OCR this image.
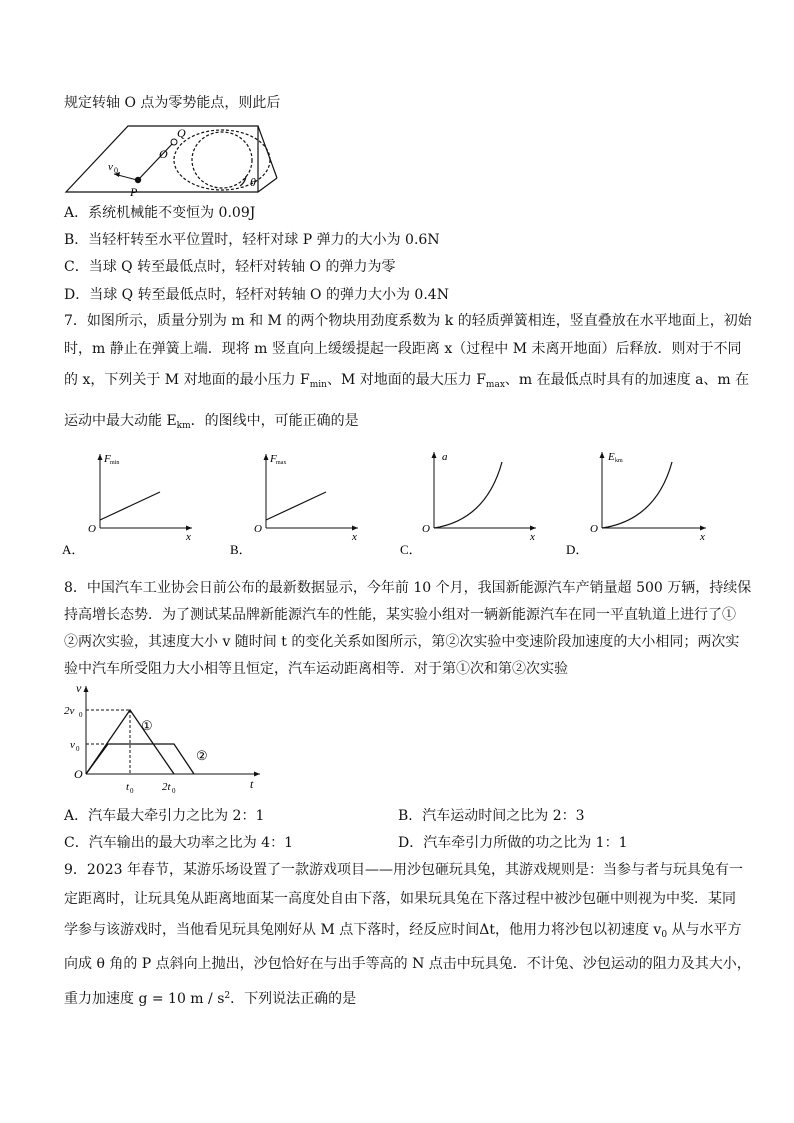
规定转轴 O 点为零势能点，则此后
Q
O
P
v 0
θ
A．系统机械能不变恒为 0.09J
B．当轻杆转至水平位置时，轻杆对球 P 弹力的大小为 0.6N
C．当球 Q 转至最低点时，轻杆对转轴 O 的弹力为零
D．当球 Q 转至最低点时，轻杆对转轴 O 的弹力大小为 0.4N
7．如图所示，质量分别为 m 和 M 的两个物块用劲度系数为 k 的轻质弹簧相连，竖直叠放在水平地面上，初始
时，m 静止在弹簧上端．现将 m 竖直向上缓缓提起一段距离 x（过程中 M 未离开地面）后释放．则对于不同
的 x，下列关于 M 对地面的最小压力 $F_{min}$、M 对地面的最大压力 $F_{max}$、m 在最低点时具有的加速度 a、m 在
运动中最大动能 $E_{km}$．的图线中，可能正确的是
F min
O
x
A．
F max
O
x
B．
a
O
x
C．
E km
O
x
D．
8．中国汽车工业协会日前公布的最新数据显示，今年前 10 个月，我国新能源汽车产销量超 500 万辆，持续保
持高增长态势．为了测试某品牌新能源汽车的性能，某实验小组对一辆新能源汽车在同一平直轨道上进行了①
②两次实验，其速度大小 v 随时间 t 的变化关系如图所示，第②次实验中变速阶段加速度的大小相同；两次实
验中汽车所受阻力大小相等且恒定，汽车运动距离相等．对于第①次和第②次实验
v
t
O
2v 0
v 0
t 0	2t 0
①
②
A．汽车最大牵引力之比为 2：1	B．汽车运动时间之比为 2：3
C．汽车输出的最大功率之比为 4：1	D．汽车牵引力所做的功之比为 1：1
9．2023 年春节，某游乐场设置了一款游戏项目——用沙包砸玩具兔，其游戏规则是：当参与者与玩具兔有一
定距离时，让玩具兔从距离地面某一高度处自由下落，如果玩具兔在下落过程中被沙包砸中则视为中奖．某同
学参与该游戏时，当他看见玩具兔刚好从 M 点下落时，经反应时间Δt，他用力将沙包以初速度 $v_0$ 从与水平方
向成 θ 角的 P 点斜向上抛出，沙包恰好在与出手等高的 N 点击中玩具兔．不计兔、沙包运动的阻力及其大小，
重力加速度 g = 10 m / $s^2$．下列说法正确的是
